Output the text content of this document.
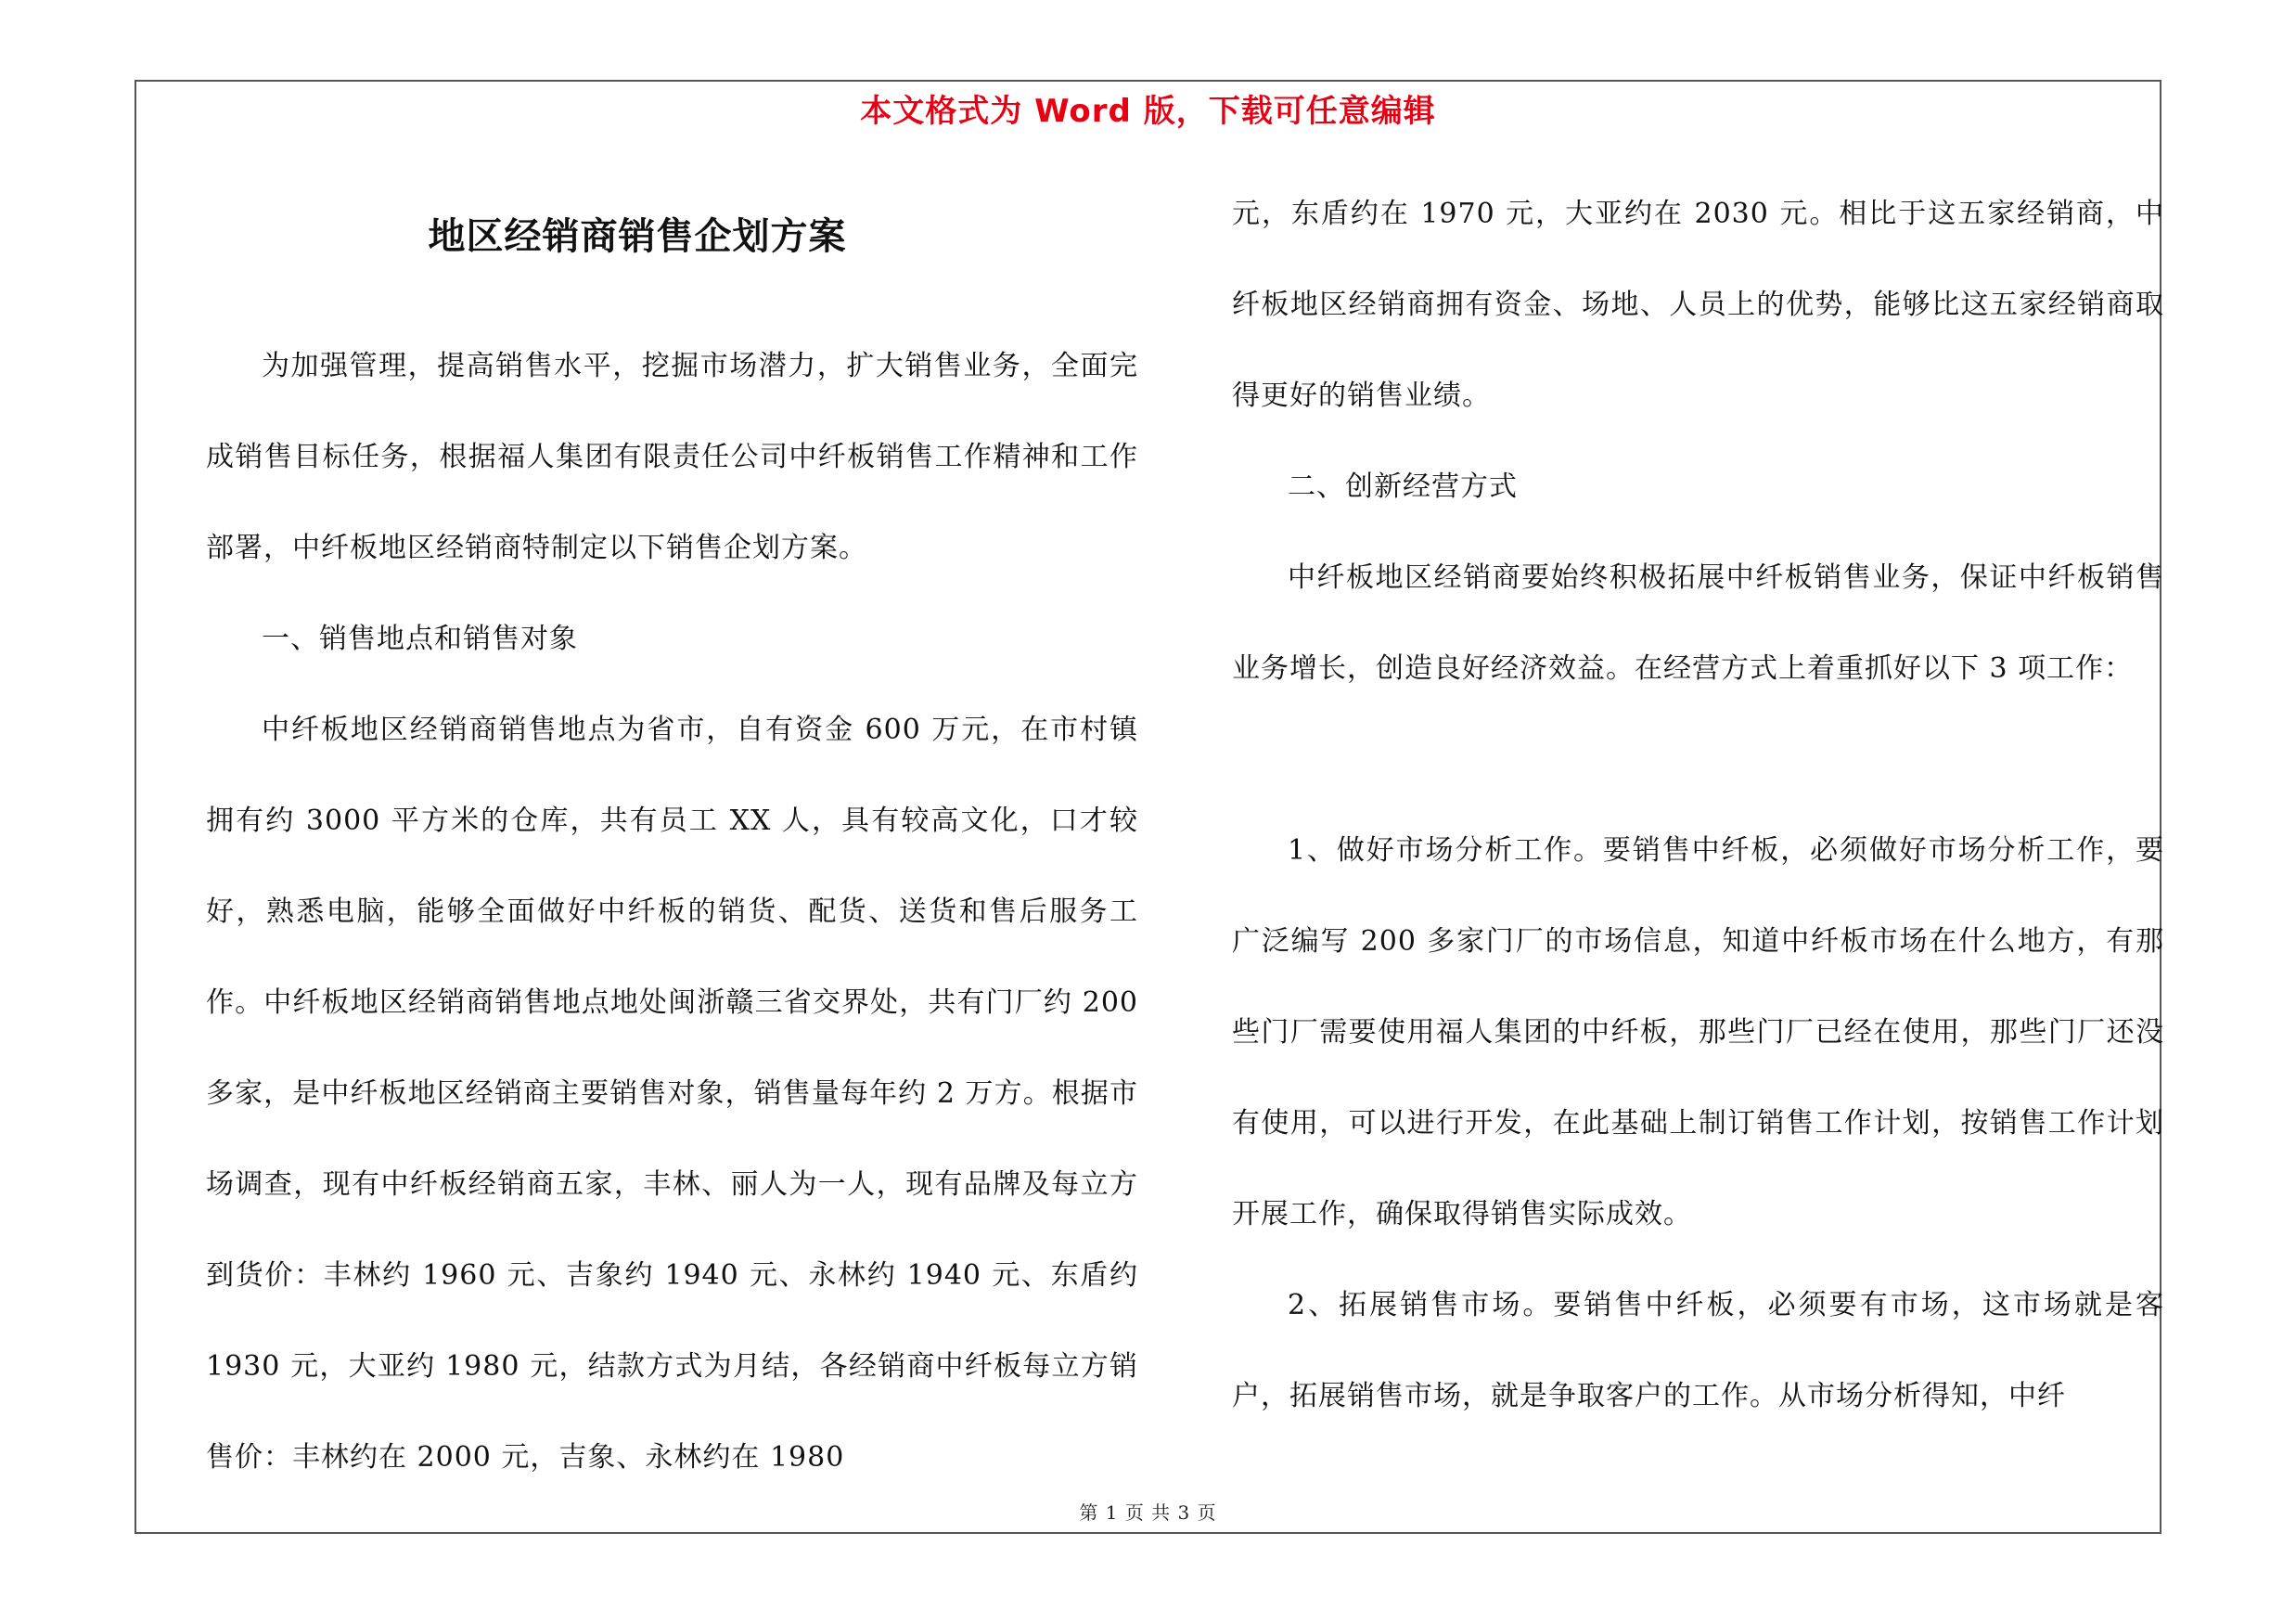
本文格式为 Word 版，下载可任意编辑
地区经销商销售企划方案

为加强管理，提高销售水平，挖掘市场潜力，扩大销售业务，全面完成销售目标任务，根据福人集团有限责任公司中纤板销售工作精神和工作部署，中纤板地区经销商特制定以下销售企划方案。

一、销售地点和销售对象

中纤板地区经销商销售地点为省市，自有资金 600 万元，在市村镇拥有约 3000 平方米的仓库，共有员工 XX 人，具有较高文化，口才较好，熟悉电脑，能够全面做好中纤板的销货、配货、送货和售后服务工作。中纤板地区经销商销售地点地处闽浙赣三省交界处，共有门厂约 200 多家，是中纤板地区经销商主要销售对象，销售量每年约 2 万方。根据市场调查，现有中纤板经销商五家，丰林、丽人为一人，现有品牌及每立方到货价：丰林约 1960 元、吉象约 1940 元、永林约 1940 元、东盾约 1930 元，大亚约 1980 元，结款方式为月结，各经销商中纤板每立方销售价：丰林约在 2000 元，吉象、永林约在 1980

元，东盾约在 1970 元，大亚约在 2030 元。相比于这五家经销商，中纤板地区经销商拥有资金、场地、人员上的优势，能够比这五家经销商取得更好的销售业绩。

二、创新经营方式

中纤板地区经销商要始终积极拓展中纤板销售业务，保证中纤板销售业务增长，创造良好经济效益。在经营方式上着重抓好以下 3 项工作：

1、做好市场分析工作。要销售中纤板，必须做好市场分析工作，要广泛编写 200 多家门厂的市场信息，知道中纤板市场在什么地方，有那些门厂需要使用福人集团的中纤板，那些门厂已经在使用，那些门厂还没有使用，可以进行开发，在此基础上制订销售工作计划，按销售工作计划开展工作，确保取得销售实际成效。

2、拓展销售市场。要销售中纤板，必须要有市场，这市场就是客户，拓展销售市场，就是争取客户的工作。从市场分析得知，中纤

第 1 页 共 3 页
